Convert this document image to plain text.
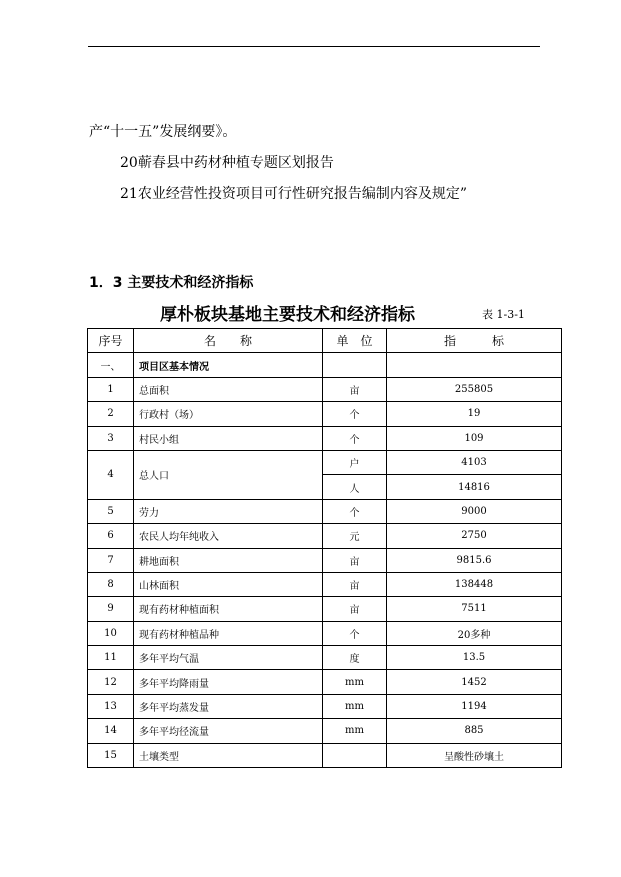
产“十一五”发展纲要》。
20蕲春县中药材种植专题区划报告
21农业经营性投资项目可行性研究报告编制内容及规定”
1．3 主要技术和经济指标
厚朴板块基地主要技术和经济指标	表 1-3-1
序号	名　　称	单　位	指　　　标
一、	项目区基本情况		
1	总面积	亩	255805
2	行政村（场）	个	19
3	村民小组	个	109
4	总人口	户	4103
		人	14816
5	劳力	个	9000
6	农民人均年纯收入	元	2750
7	耕地面积	亩	9815.6
8	山林面积	亩	138448
9	现有药材种植面积	亩	7511
10	现有药材种植品种	个	20多种
11	多年平均气温	度	13.5
12	多年平均降雨量	mm	1452
13	多年平均蒸发量	mm	1194
14	多年平均径流量	mm	885
15	土壤类型		呈酸性砂壤土
